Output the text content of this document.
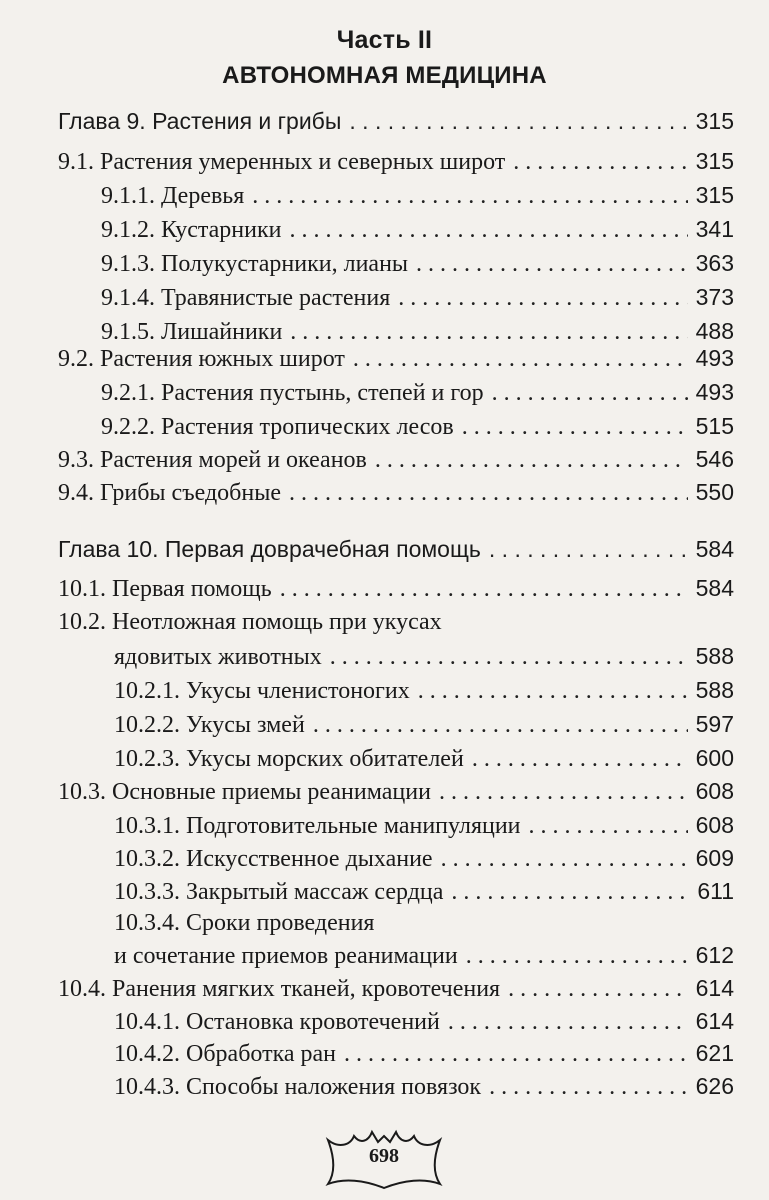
Часть II
АВТОНОМНАЯ МЕДИЦИНА
Глава 9. Растения и грибы . . .	315
9.1. Растения умеренных и северных широт . . .	315
9.1.1. Деревья . . .	315
9.1.2. Кустарники . . .	341
9.1.3. Полукустарники, лианы . . .	363
9.1.4. Травянистые растения . . .	373
9.1.5. Лишайники . . .	488
9.2. Растения южных широт . . .	493
9.2.1. Растения пустынь, степей и гор . . .	493
9.2.2. Растения тропических лесов . . .	515
9.3. Растения морей и океанов . . .	546
9.4. Грибы съедобные . . .	550
Глава 10. Первая доврачебная помощь . . .	584
10.1. Первая помощь . . .	584
10.2. Неотложная помощь при укусах
ядовитых животных . . .	588
10.2.1. Укусы членистоногих . . .	588
10.2.2. Укусы змей . . .	597
10.2.3. Укусы морских обитателей . . .	600
10.3. Основные приемы реанимации . . .	608
10.3.1. Подготовительные манипуляции . . .	608
10.3.2. Искусственное дыхание . . .	609
10.3.3. Закрытый массаж сердца . . .	611
10.3.4. Сроки проведения
и сочетание приемов реанимации . . .	612
10.4. Ранения мягких тканей, кровотечения . . .	614
10.4.1. Остановка кровотечений . . .	614
10.4.2. Обработка ран . . .	621
10.4.3. Способы наложения повязок . . .	626
698
